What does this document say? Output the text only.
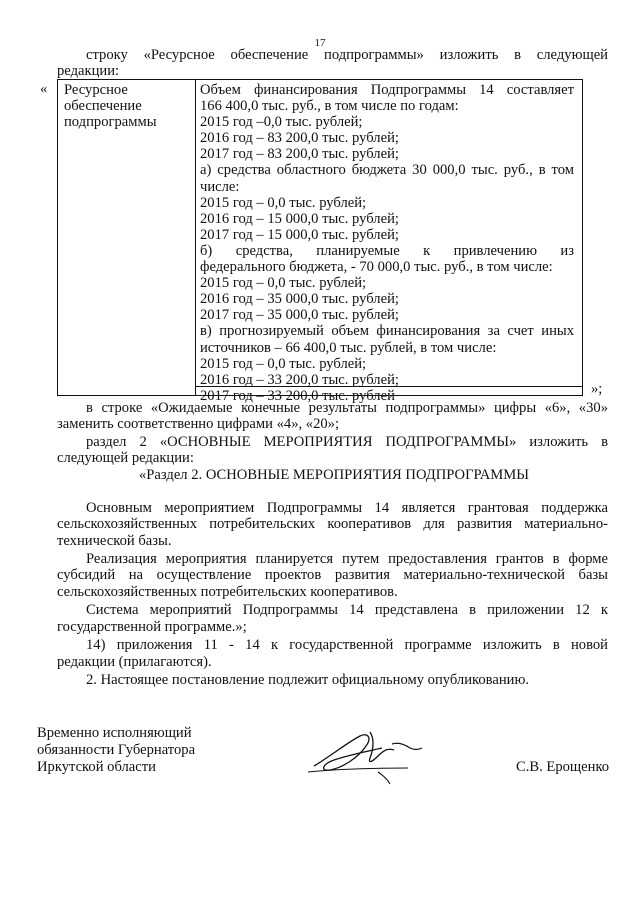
17
строку «Ресурсное обеспечение подпрограммы» изложить в следующей
редакции:
« Ресурсное
обеспечение
подпрограммы
Объем финансирования Подпрограммы 14 составляет
166 400,0 тыс. руб., в том числе по годам:
2015 год –0,0 тыс. рублей;
2016 год – 83 200,0 тыс. рублей;
2017 год – 83 200,0 тыс. рублей;
а) средства областного бюджета 30 000,0 тыс. руб., в том
числе:
2015 год – 0,0 тыс. рублей;
2016 год – 15 000,0 тыс. рублей;
2017 год – 15 000,0 тыс. рублей;
б) средства, планируемые к привлечению из
федерального бюджета, - 70 000,0 тыс. руб., в том числе:
2015 год – 0,0 тыс. рублей;
2016 год – 35 000,0 тыс. рублей;
2017 год – 35 000,0 тыс. рублей;
в) прогнозируемый объем финансирования за счет иных
источников – 66 400,0 тыс. рублей, в том числе:
2015 год – 0,0 тыс. рублей;
2016 год – 33 200,0 тыс. рублей;
2017 год – 33 200,0 тыс. рублей	»;
в строке «Ожидаемые конечные результаты подпрограммы» цифры «6», «30»
заменить соответственно цифрами «4», «20»;
раздел 2 «ОСНОВНЫЕ МЕРОПРИЯТИЯ ПОДПРОГРАММЫ» изложить в
следующей редакции:
«Раздел 2. ОСНОВНЫЕ МЕРОПРИЯТИЯ ПОДПРОГРАММЫ
Основным мероприятием Подпрограммы 14 является грантовая поддержка
сельскохозяйственных потребительских кооперативов для развития материально-
технической базы.
Реализация мероприятия планируется путем предоставления грантов в форме
субсидий на осуществление проектов развития материально-технической базы
сельскохозяйственных потребительских кооперативов.
Система мероприятий Подпрограммы 14 представлена в приложении 12 к
государственной программе.»;
14) приложения 11 - 14 к государственной программе изложить в новой
редакции (прилагаются).
2. Настоящее постановление подлежит официальному опубликованию.
Временно исполняющий
обязанности Губернатора
Иркутской области	С.В. Ерощенко
